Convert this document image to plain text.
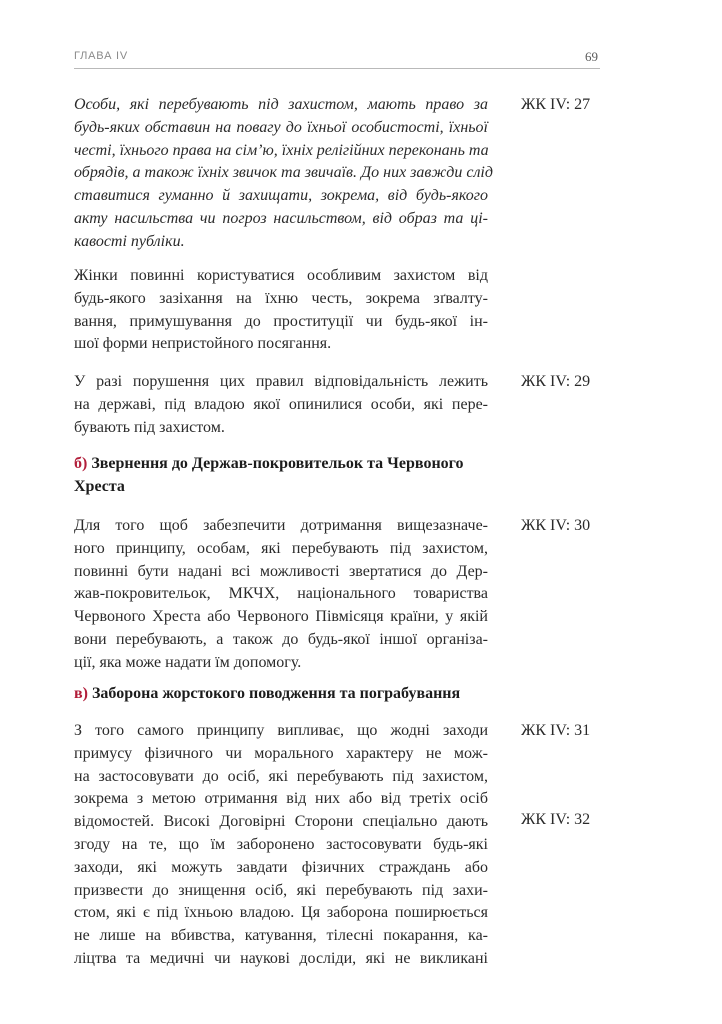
ГЛАВА IV	69
Особи, які перебувають під захистом, мають право за
будь-яких обставин на повагу до їхньої особистості, їхньої
честі, їхнього права на сім’ю, їхніх релігійних переконань та
обрядів, а також їхніх звичок та звичаїв. До них завжди слід
ставитися гуманно й захищати, зокрема, від будь-якого
акту насильства чи погроз насильством, від образ та ці-
кавості публіки.
ЖК IV: 27
Жінки повинні користуватися особливим захистом від
будь-якого зазіхання на їхню честь, зокрема зґвалту-
вання, примушування до проституції чи будь-якої ін-
шої форми непристойного посягання.
У разі порушення цих правил відповідальність лежить
на державі, під владою якої опинилися особи, які пере-
бувають під захистом.
ЖК IV: 29
б) Звернення до Держав-покровительок та Червоного
Хреста
Для того щоб забезпечити дотримання вищезазначе-
ного принципу, особам, які перебувають під захистом,
повинні бути надані всі можливості звертатися до Дер-
жав-покровительок, МКЧХ, національного товариства
Червоного Хреста або Червоного Півмісяця країни, у якій
вони перебувають, а також до будь-якої іншої організа-
ції, яка може надати їм допомогу.
ЖК IV: 30
в) Заборона жорстокого поводження та пограбування
З того самого принципу випливає, що жодні заходи
примусу фізичного чи морального характеру не мож-
на застосовувати до осіб, які перебувають під захистом,
зокрема з метою отримання від них або від третіх осіб
відомостей. Високі Договірні Сторони спеціально дають
згоду на те, що їм заборонено застосовувати будь-які
заходи, які можуть завдати фізичних страждань або
призвести до знищення осіб, які перебувають під захи-
стом, які є під їхньою владою. Ця заборона поширюється
не лише на вбивства, катування, тілесні покарання, ка-
ліцтва та медичні чи наукові досліди, які не викликані
ЖК IV: 31
ЖК IV: 32
